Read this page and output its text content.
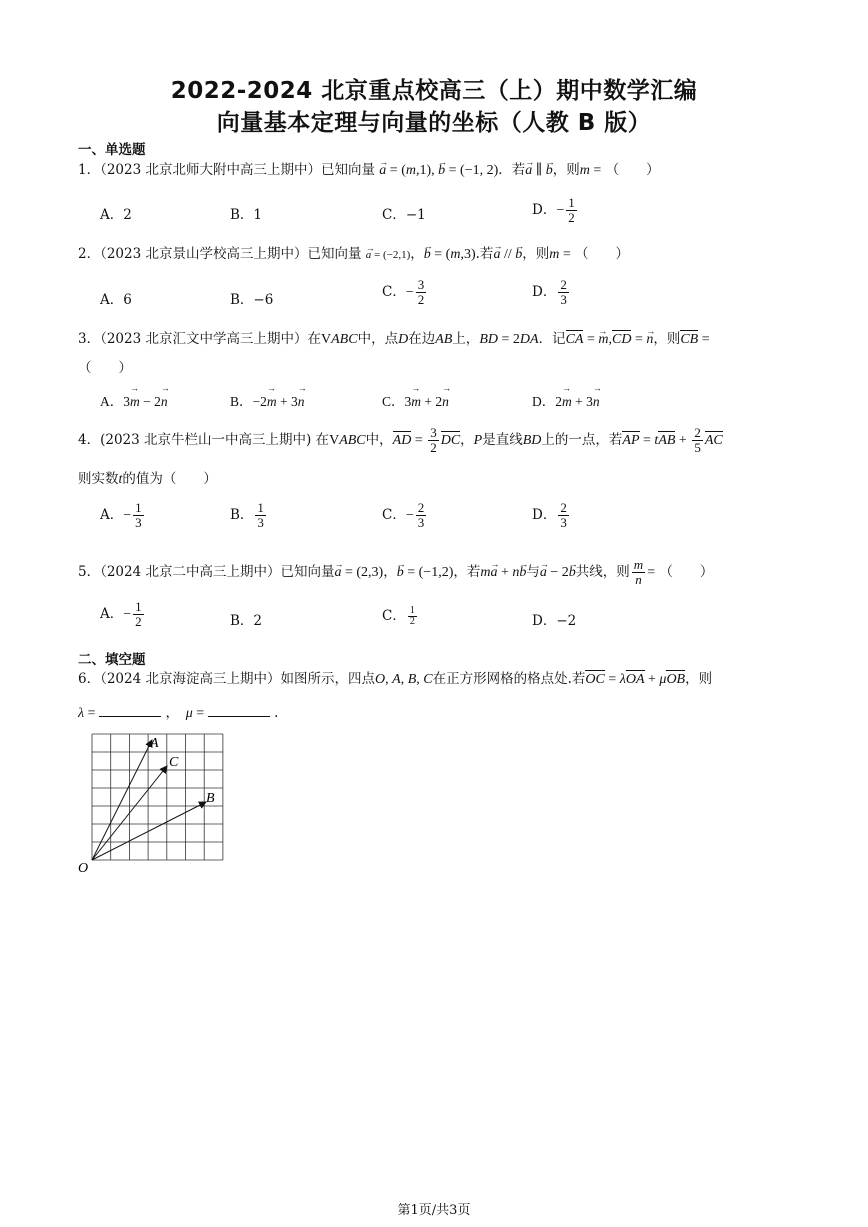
2022-2024 北京重点校高三（上）期中数学汇编
向量基本定理与向量的坐标（人教 B 版）
一、单选题
1．（2023 北京北师大附中高三上期中）已知向量 → a = (m,1), → b = (−1, 2)．若→ a ∥ → b，则m = （　　）
A．2	B．1	C．−1	D．− $\frac{1}{2}$
2．（2023 北京景山学校高三上期中）已知向量 → a = (−2,1)，→ b = (m,3).若→ a // → b，则m = （　　）
A．6	B．−6	C．− $\frac{3}{2}$	D． $\frac{2}{3}$
3．（2023 北京汇文中学高三上期中）在VABC中，点D在边AB上，BD = 2DA．记CA = → m,CD = → n，则CB =
（　　）
A．3→ m − 2→ n	B．−2→ m + 3→ n	C．3→ m + 2→ n	D．2→ m + 3→ n
4．(2023 北京牛栏山一中高三上期中) 在VABC中，AD = $\frac{3}{2}$ DC，P是直线BD上的一点，若AP = tAB + $\frac{2}{5}$ AC
则实数t的值为（　　）
A．− $\frac{1}{3}$	B． $\frac{1}{3}$	C．− $\frac{2}{3}$	D． $\frac{2}{3}$
5．（2024 北京二中高三上期中）已知向量→ a = (2,3)，→ b = (−1,2)，若m→ a + n→ b与→ a − 2→ b共线，则 $\frac{m}{n}$ = （　　）
A．− $\frac{1}{2}$	B．2	C． $\frac{1}{2}$	D．−2
二、填空题
6．（2024 北京海淀高三上期中）如图所示，四点O, A, B, C在正方形网格的格点处.若OC = λOA + μOB，则
λ =	，　 μ =	.
A
C
B
O
第1页/共3页
